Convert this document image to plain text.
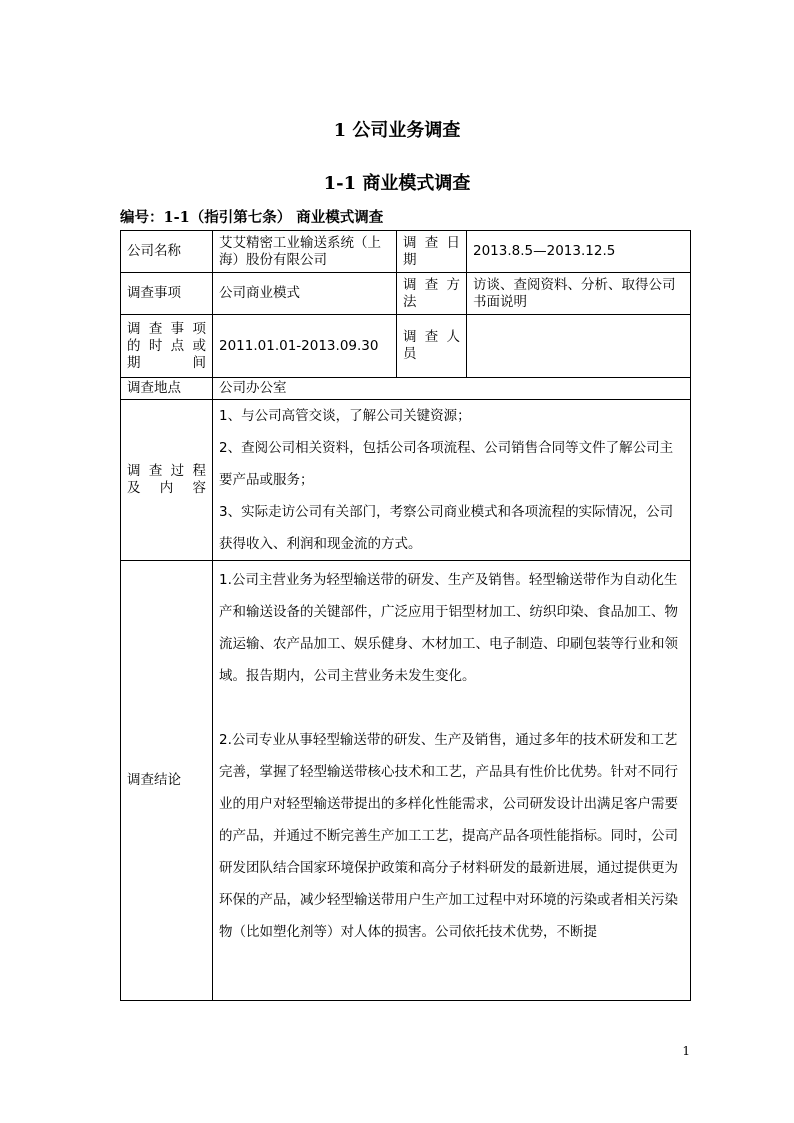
1 公司业务调查
1-1 商业模式调查
编号：1-1（指引第七条） 商业模式调查
公司名称	艾艾精密工业输送系统（上海）股份有限公司	调 查 日期	2013.8.5—2013.12.5
调查事项	公司商业模式	调 查 方法	访谈、查阅资料、分析、取得公司书面说明
调 查 事 项 的 时 点 或期间	2011.01.01-2013.09.30	调 查 人员	
调查地点	公司办公室		
调 查 过 程及内容	1、与公司高管交谈，了解公司关键资源；

2、查阅公司相关资料，包括公司各项流程、公司销售合同等文件了解公司主要产品或服务；

3、实际走访公司有关部门，考察公司商业模式和各项流程的实际情况，公司获得收入、利润和现金流的方式。		

调查结论	1.公司主营业务为轻型输送带的研发、生产及销售。轻型输送带作为自动化生产和输送设备的关键部件，广泛应用于铝型材加工、纺织印染、食品加工、物流运输、农产品加工、娱乐健身、木材加工、电子制造、印刷包装等行业和领域。报告期内，公司主营业务未发生变化。

2.公司专业从事轻型输送带的研发、生产及销售，通过多年的技术研发和工艺完善，掌握了轻型输送带核心技术和工艺，产品具有性价比优势。针对不同行业的用户对轻型输送带提出的多样化性能需求，公司研发设计出满足客户需要的产品，并通过不断完善生产加工工艺，提高产品各项性能指标。同时，公司研发团队结合国家环境保护政策和高分子材料研发的最新进展，通过提供更为环保的产品，减少轻型输送带用户生产加工过程中对环境的污染或者相关污染物（比如塑化剂等）对人体的损害。公司依托技术优势，不断提		

1
